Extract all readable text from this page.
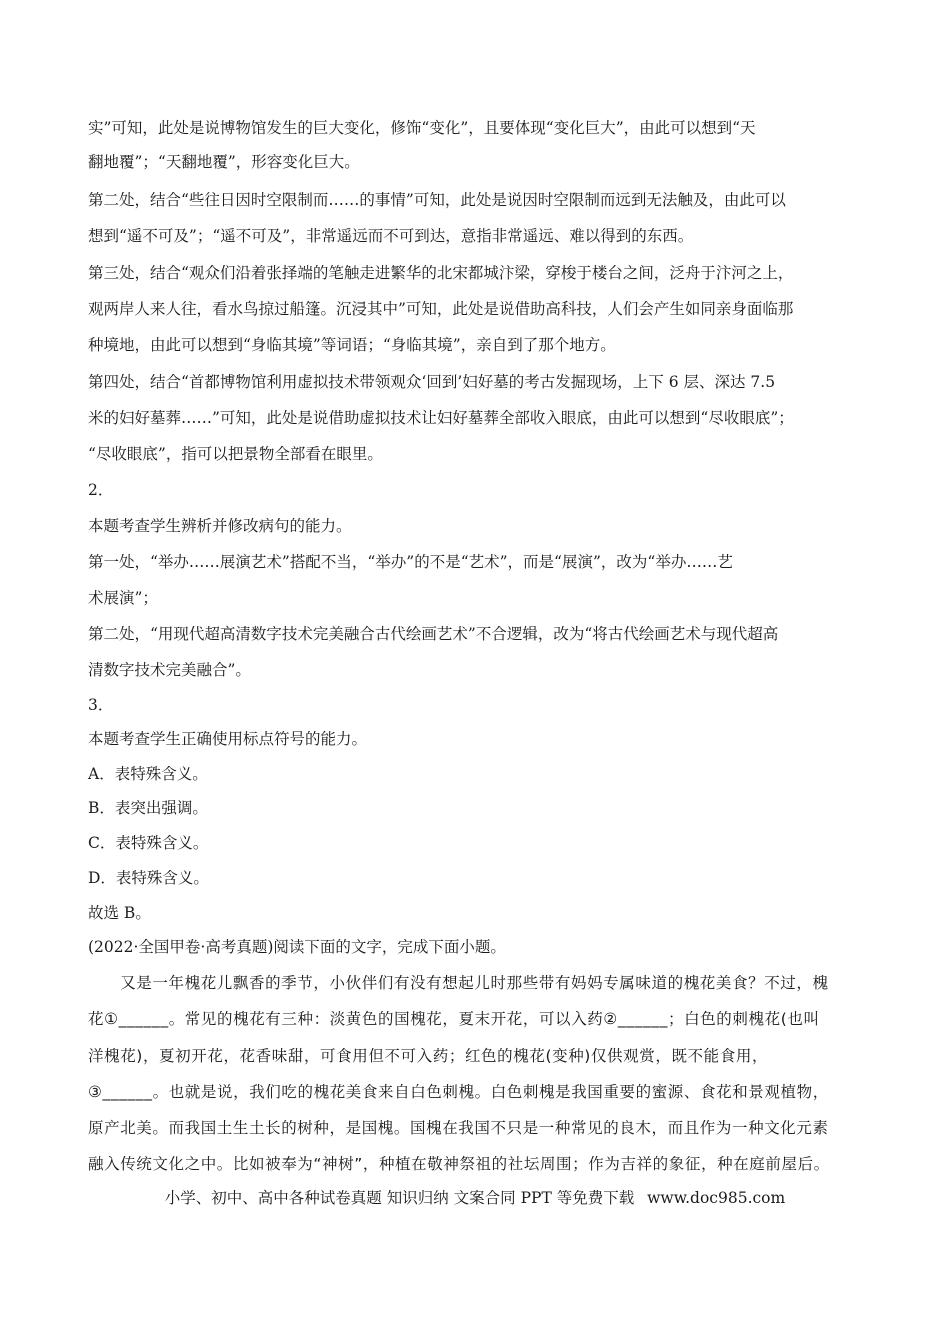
实”可知，此处是说博物馆发生的巨大变化，修饰“变化”，且要体现“变化巨大”，由此可以想到“天

翻地覆”；“天翻地覆”，形容变化巨大。

第二处，结合“些往日因时空限制而……的事情”可知，此处是说因时空限制而远到无法触及，由此可以

想到“遥不可及”；“遥不可及”，非常遥远而不可到达，意指非常遥远、难以得到的东西。

第三处，结合“观众们沿着张择端的笔触走进繁华的北宋都城汴梁，穿梭于楼台之间，泛舟于汴河之上，

观两岸人来人往，看水鸟掠过船篷。沉浸其中”可知，此处是说借助高科技，人们会产生如同亲身面临那

种境地，由此可以想到“身临其境”等词语；“身临其境”，亲自到了那个地方。

第四处，结合“首都博物馆利用虚拟技术带领观众‘回到’妇好墓的考古发掘现场，上下 6 层、深达 7.5

米的妇好墓葬……”可知，此处是说借助虚拟技术让妇好墓葬全部收入眼底，由此可以想到“尽收眼底”；

“尽收眼底”，指可以把景物全部看在眼里。

2．

本题考查学生辨析并修改病句的能力。

第一处，“举办……展演艺术”搭配不当，“举办”的不是“艺术”，而是“展演”，改为“举办……艺

术展演”；

第二处，“用现代超高清数字技术完美融合古代绘画艺术”不合逻辑，改为“将古代绘画艺术与现代超高

清数字技术完美融合”。

3．

本题考查学生正确使用标点符号的能力。

A．表特殊含义。

B．表突出强调。

C．表特殊含义。

D．表特殊含义。

故选 B。

(2022·全国甲卷·高考真题)阅读下面的文字，完成下面小题。

　　又是一年槐花儿飘香的季节，小伙伴们有没有想起儿时那些带有妈妈专属味道的槐花美食？不过，槐

花①______。常见的槐花有三种：淡黄色的国槐花，夏末开花，可以入药②______；白色的刺槐花(也叫

洋槐花)，夏初开花，花香味甜，可食用但不可入药；红色的槐花(变种)仅供观赏，既不能食用，

③______。也就是说，我们吃的槐花美食来自白色刺槐。白色刺槐是我国重要的蜜源、食花和景观植物，

原产北美。而我国土生土长的树种，是国槐。国槐在我国不只是一种常见的良木，而且作为一种文化元素

融入传统文化之中。比如被奉为“神树”，种植在敬神祭祖的社坛周围；作为吉祥的象征，种在庭前屋后。

小学、初中、高中各种试卷真题 知识归纳 文案合同 PPT 等免费下载 www.doc985.com
